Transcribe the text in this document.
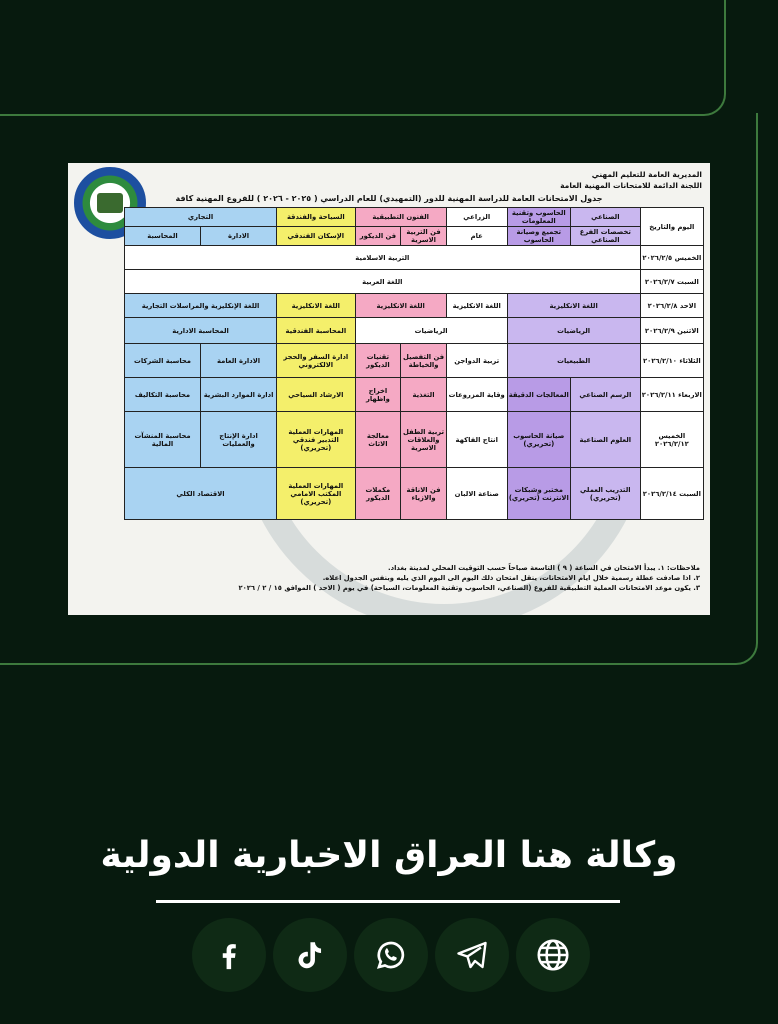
المديرية العامة للتعليم المهني
اللجنة الدائمة للامتحانات المهنية العامة
جدول الامتحانات العامة للدراسة المهنية للدور (التمهيدي) للعام الدراسي ( ٢٠٢٥ - ٢٠٢٦ ) للفروع المهنية كافة
اليوم والتاريخ	الصناعي	الحاسوب وتقنية المعلومات	الزراعي	الفنون التطبيقية		السياحة والفندقة	التجاري	
	تخصصات الفرع الصناعي	تجميع وصيانة الحاسوب	عام	فن التربية الاسرية	فن الديكور	الإسكان الفندقي	الادارة	المحاسبة
الخميس ٢٠٢٦/٢/٥	التربية الاسلامية							
السبت ٢٠٢٦/٢/٧	اللغة العربية							
الاحد ٢٠٢٦/٢/٨	اللغة الانكليزية		اللغة الانكليزية	اللغة الانكليزية		اللغة الانكليزية	اللغة الإنكليزية والمراسلات التجارية	
الاثنين ٢٠٢٦/٢/٩	الرياضيات		الرياضيات			المحاسبة الفندقية	المحاسبة الادارية	
الثلاثاء ٢٠٢٦/٢/١٠	الطبيعيات		تربية الدواجن	فن التفصيل والخياطة	تقنيات الديكور	ادارة السفر والحجز الالكتروني	الادارة العامة	محاسبة الشركات
الاربعاء ٢٠٢٦/٢/١١	الرسم الصناعي	المعالجات الدقيقة	وقاية المزروعات	التغذية	اخراج واظهار	الارشاد السياحي	ادارة الموارد البشرية	محاسبة التكاليف
الخميس ٢٠٢٦/٢/١٢	العلوم الصناعية	صيانة الحاسوب (تحريري)	انتاج الفاكهة	تربية الطفل والعلاقات الاسرية	معالجة الاثاث	المهارات العملية التدبير فندقي (تحريري)	ادارة الإنتاج والعمليات	محاسبة المنشآت المالية
السبت ٢٠٢٦/٢/١٤	التدريب العملي (تحريري)	مختبر وشبكات الانترنت (تحريري)	صناعة الالبان	فن الاناقة والازياء	مكملات الديكور	المهارات العملية المكتب الامامي (تحريري)	الاقتصاد الكلي	
ملاحظات: ١. يبدأ الامتحان في الساعة ( ٩ ) التاسعة صباحاً حسب التوقيت المحلي لمدينة بغداد.
٢. اذا صادفت عطلة رسمية خلال ايام الامتحانات، ينقل امتحان ذلك اليوم الى اليوم الذي يليه وبنفس الجدول اعلاه.
٣. يكون موعد الامتحانات العملية التطبيقية للفروع (الصناعي، الحاسوب وتقنية المعلومات، السياحة) في يوم ( الاحد ) الموافق ١٥ / ٢ / ٢٠٢٦
وكالة هنا العراق الاخبارية الدولية
